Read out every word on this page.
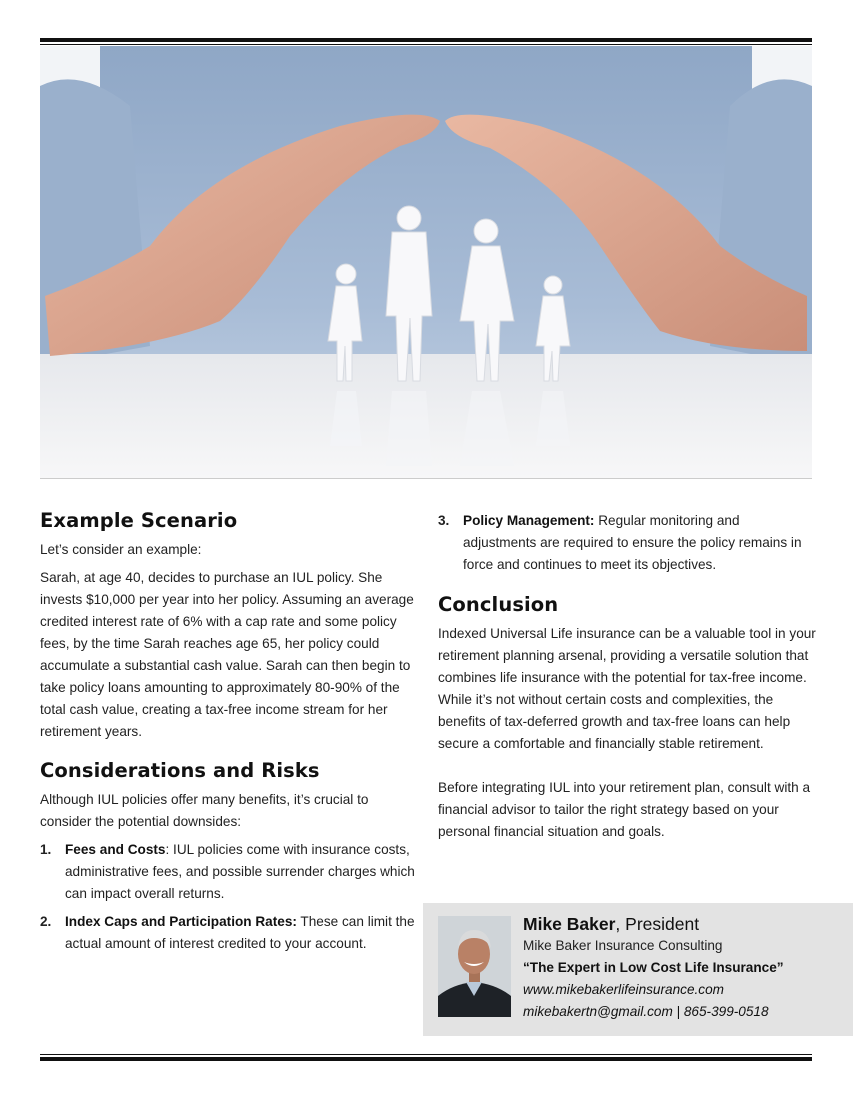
Example Scenario

Let’s consider an example:

Sarah, at age 40, decides to purchase an IUL policy. She invests $10,000 per year into her policy. Assuming an average credited interest rate of 6% with a cap rate and some policy fees, by the time Sarah reaches age 65, her policy could accumulate a substantial cash value. Sarah can then begin to take policy loans amounting to approximately 80-90% of the total cash value, creating a tax-free income stream for her retirement years.

Considerations and Risks

Although IUL policies offer many benefits, it’s crucial to consider the potential downsides:

1. Fees and Costs: IUL policies come with insurance costs, administrative fees, and possible surrender charges which can impact overall returns.
2. Index Caps and Participation Rates: These can limit the actual amount of interest credited to your account.
3. Policy Management: Regular monitoring and adjustments are required to ensure the policy remains in force and continues to meet its objectives.
Conclusion

Indexed Universal Life insurance can be a valuable tool in your retirement planning arsenal, providing a versatile solution that combines life insurance with the potential for tax-free income. While it’s not without certain costs and complexities, the benefits of tax-deferred growth and tax-free loans can help secure a comfortable and financially stable retirement.

Before integrating IUL into your retirement plan, consult with a financial advisor to tailor the right strategy based on your personal financial situation and goals.

Mike Baker, President
Mike Baker Insurance Consulting
“The Expert in Low Cost Life Insurance”
www.mikebakerlifeinsurance.com
mikebakertn@gmail.com | 865-399-0518
